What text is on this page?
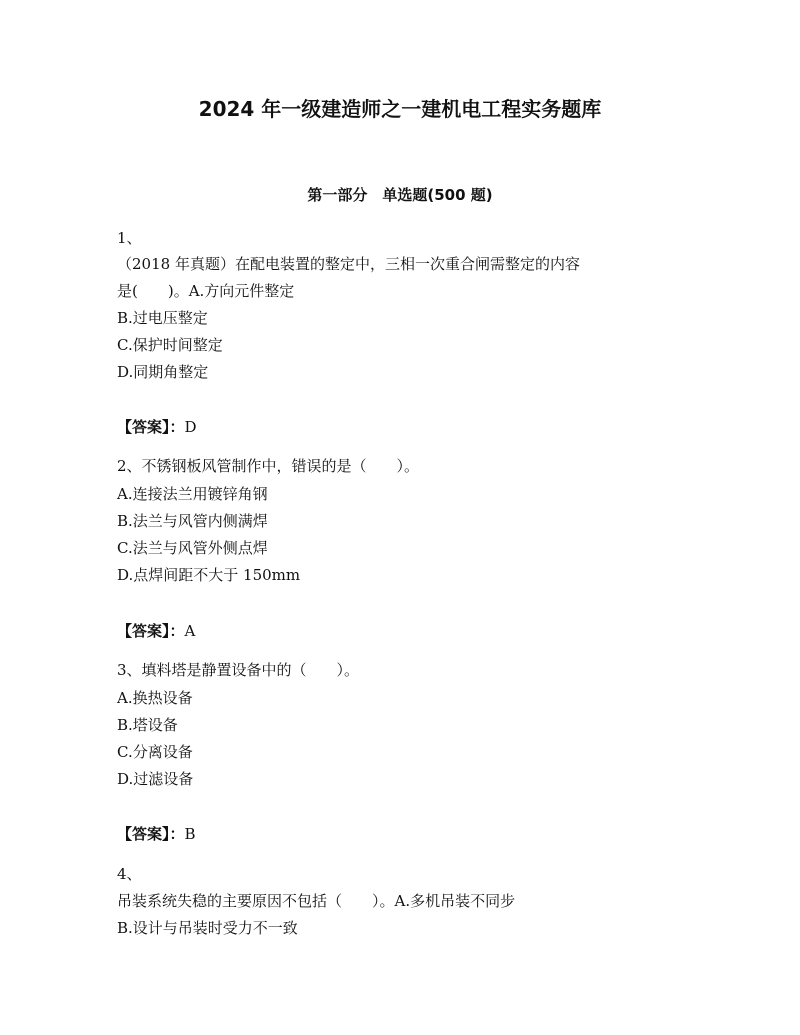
2024 年一级建造师之一建机电工程实务题库
第一部分　单选题(500 题)
1、
（2018 年真题）在配电装置的整定中，三相一次重合闸需整定的内容
是(　　)。A.方向元件整定
B.过电压整定
C.保护时间整定
D.同期角整定
【答案】：D
2、不锈钢板风管制作中，错误的是（　　）。
A.连接法兰用镀锌角钢
B.法兰与风管内侧满焊
C.法兰与风管外侧点焊
D.点焊间距不大于 150mm
【答案】：A
3、填料塔是静置设备中的（　　）。
A.换热设备
B.塔设备
C.分离设备
D.过滤设备
【答案】：B
4、
吊装系统失稳的主要原因不包括（　　）。A.多机吊装不同步
B.设计与吊装时受力不一致
